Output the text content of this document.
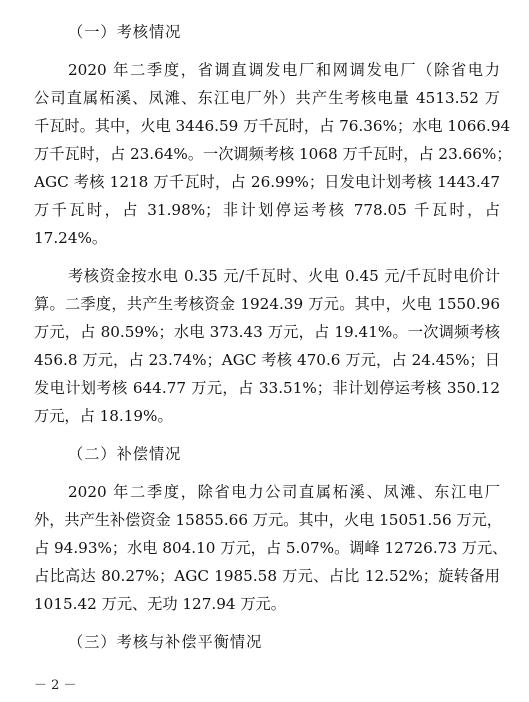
（一）考核情况
2020 年二季度，省调直调发电厂和网调发电厂（除省电力
公司直属柘溪、凤滩、东江电厂外）共产生考核电量 4513.52 万
千瓦时。其中，火电 3446.59 万千瓦时，占 76.36%；水电 1066.94
万千瓦时，占 23.64%。一次调频考核 1068 万千瓦时，占 23.66%；
AGC 考核 1218 万千瓦时，占 26.99%；日发电计划考核 1443.47
万千瓦时，占 31.98%；非计划停运考核 778.05 千瓦时，占
17.24%。
考核资金按水电 0.35 元/千瓦时、火电 0.45 元/千瓦时电价计
算。二季度，共产生考核资金 1924.39 万元。其中，火电 1550.96
万元，占 80.59%；水电 373.43 万元，占 19.41%。一次调频考核
456.8 万元，占 23.74%；AGC 考核 470.6 万元，占 24.45%；日
发电计划考核 644.77 万元，占 33.51%；非计划停运考核 350.12
万元，占 18.19%。
（二）补偿情况
2020 年二季度，除省电力公司直属柘溪、凤滩、东江电厂
外，共产生补偿资金 15855.66 万元。其中，火电 15051.56 万元，
占 94.93%；水电 804.10 万元，占 5.07%。调峰 12726.73 万元、
占比高达 80.27%；AGC 1985.58 万元、占比 12.52%；旋转备用
1015.42 万元、无功 127.94 万元。
（三）考核与补偿平衡情况
－ 2 －
